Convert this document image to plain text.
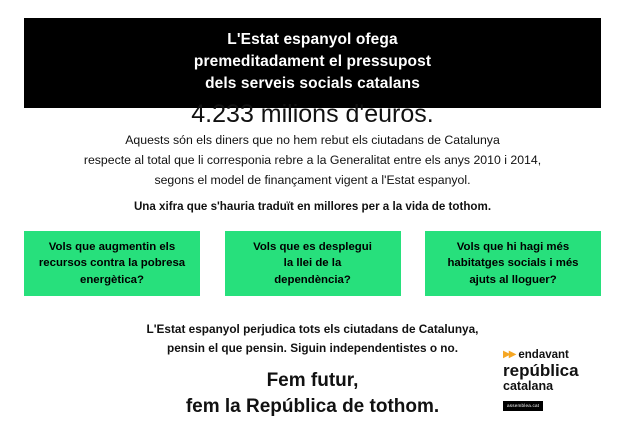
L'Estat espanyol ofega
premeditadament el pressupost
dels serveis socials catalans
4.233 milions d'euros.
Aquests són els diners que no hem rebut els ciutadans de Catalunya
respecte al total que li corresponia rebre a la Generalitat entre els anys 2010 i 2014,
segons el model de finançament vigent a l'Estat espanyol.
Una xifra que s'hauria traduït en millores per a la vida de tothom.
Vols que augmentin els
recursos contra la pobresa
energètica?
Vols que es desplegui
la llei de la
dependència?
Vols que hi hagi més
habitatges socials i més
ajuts al lloguer?
L'Estat espanyol perjudica tots els ciutadans de Catalunya,
pensin el que pensin. Siguin independentistes o no.
Fem futur,
fem la República de tothom.
▶▶ endavant
república
catalana
assemblea.cat
